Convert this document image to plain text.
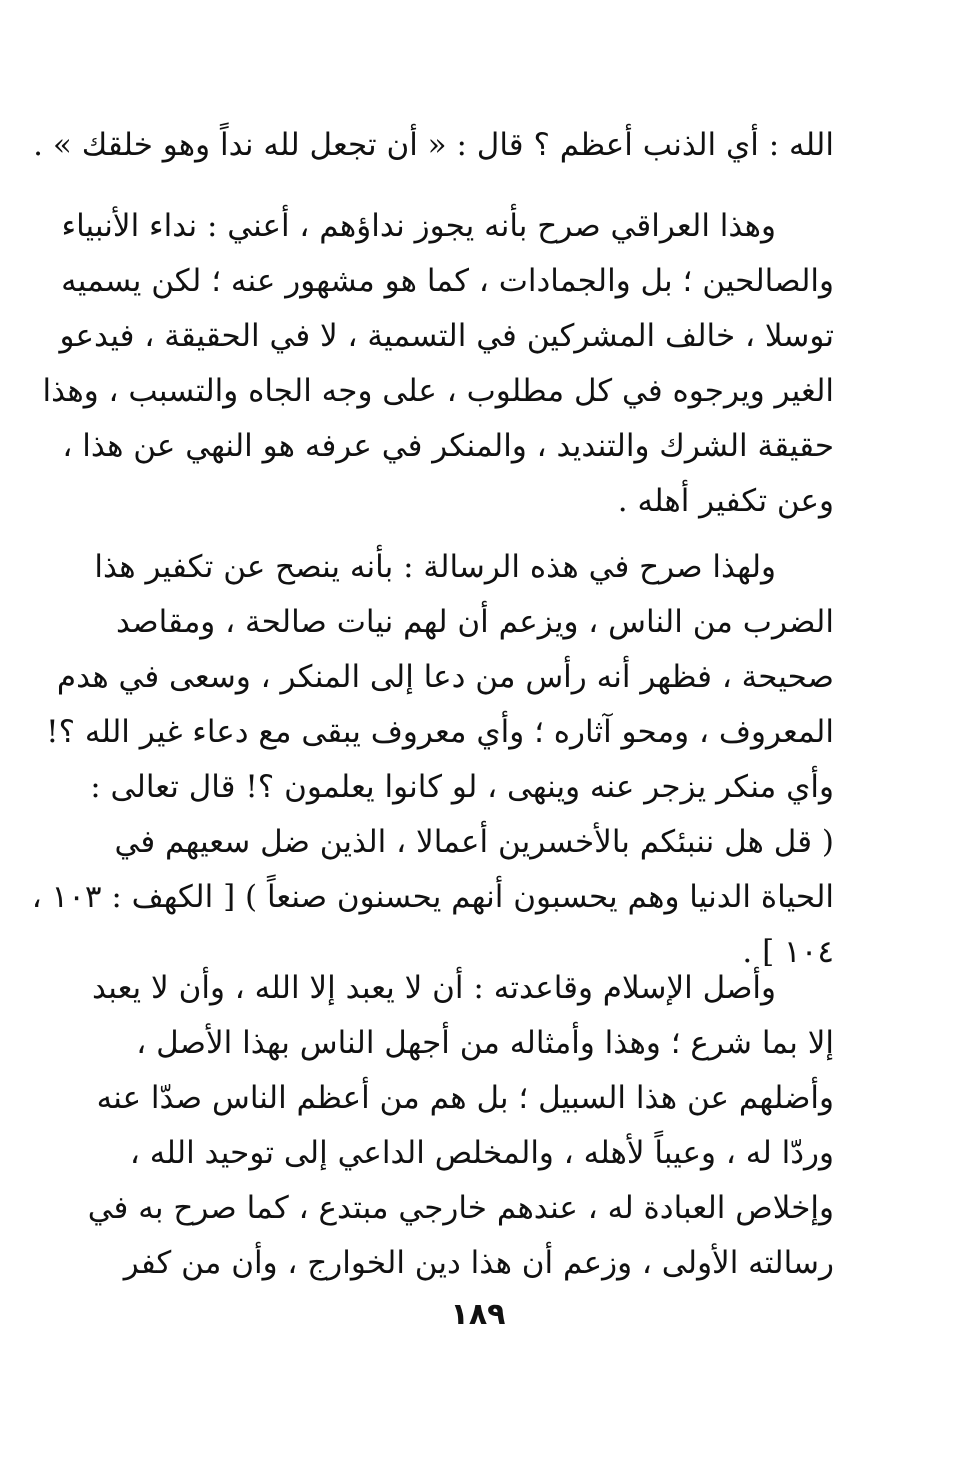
الله : أي الذنب أعظم ؟ قال : « أن تجعل لله نداً وهو خلقك » .
وهذا العراقي صرح بأنه يجوز نداؤهم ، أعني : نداء الأنبياء
والصالحين ؛ بل والجمادات ، كما هو مشهور عنه ؛ لكن يسميه
توسلا ، خالف المشركين في التسمية ، لا في الحقيقة ، فيدعو
الغير ويرجوه في كل مطلوب ، على وجه الجاه والتسبب ، وهذا
حقيقة الشرك والتنديد ، والمنكر في عرفه هو النهي عن هذا ،
وعن تكفير أهله .
ولهذا صرح في هذه الرسالة : بأنه ينصح عن تكفير هذا
الضرب من الناس ، ويزعم أن لهم نيات صالحة ، ومقاصد
صحيحة ، فظهر أنه رأس من دعا إلى المنكر ، وسعى في هدم
المعروف ، ومحو آثاره ؛ وأي معروف يبقى مع دعاء غير الله ؟!
وأي منكر يزجر عنه وينهى ، لو كانوا يعلمون ؟! قال تعالى :
( قل هل ننبئكم بالأخسرين أعمالا ، الذين ضل سعيهم في
الحياة الدنيا وهم يحسبون أنهم يحسنون صنعاً ) [ الكهف : ١٠٣ ،
١٠٤ ] .
وأصل الإسلام وقاعدته : أن لا يعبد إلا الله ، وأن لا يعبد
إلا بما شرع ؛ وهذا وأمثاله من أجهل الناس بهذا الأصل ،
وأضلهم عن هذا السبيل ؛ بل هم من أعظم الناس صدّا عنه
وردّا له ، وعيباً لأهله ، والمخلص الداعي إلى توحيد الله ،
وإخلاص العبادة له ، عندهم خارجي مبتدع ، كما صرح به في
رسالته الأولى ، وزعم أن هذا دين الخوارج ، وأن من كفر
١٨٩
